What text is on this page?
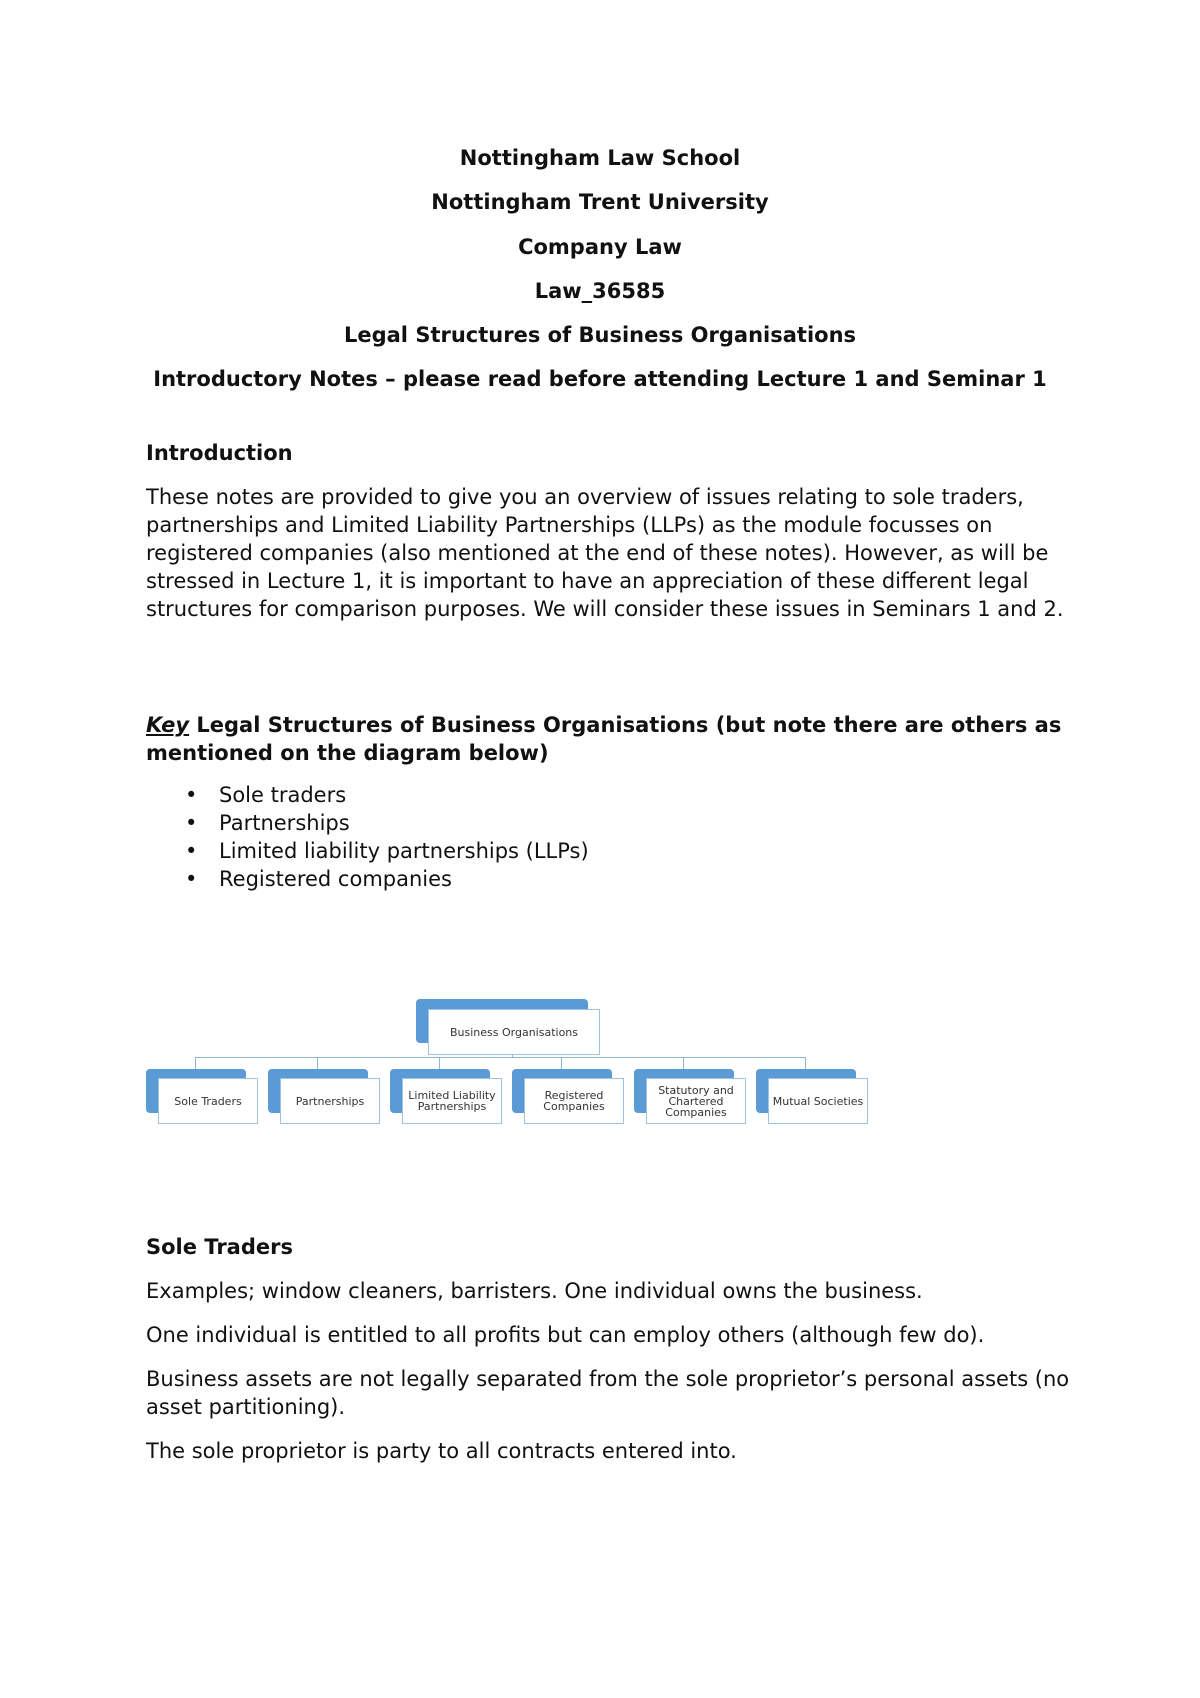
Nottingham Law School
Nottingham Trent University
Company Law
Law_36585
Legal Structures of Business Organisations
Introductory Notes – please read before attending Lecture 1 and Seminar 1
Introduction
These notes are provided to give you an overview of issues relating to sole traders, partnerships and Limited Liability Partnerships (LLPs) as the module focusses on registered companies (also mentioned at the end of these notes). However, as will be stressed in Lecture 1, it is important to have an appreciation of these different legal structures for comparison purposes. We will consider these issues in Seminars 1 and 2.
Key Legal Structures of Business Organisations (but note there are others as mentioned on the diagram below)
• Sole traders
• Partnerships
• Limited liability partnerships (LLPs)
• Registered companies
Business Organisations
Sole Traders	Partnerships	Limited Liability Partnerships
Registered Companies
Statutory and Chartered Companies
Mutual Societies
Sole Traders
Examples; window cleaners, barristers. One individual owns the business.
One individual is entitled to all profits but can employ others (although few do).
Business assets are not legally separated from the sole proprietor’s personal assets (no asset partitioning).
The sole proprietor is party to all contracts entered into.
